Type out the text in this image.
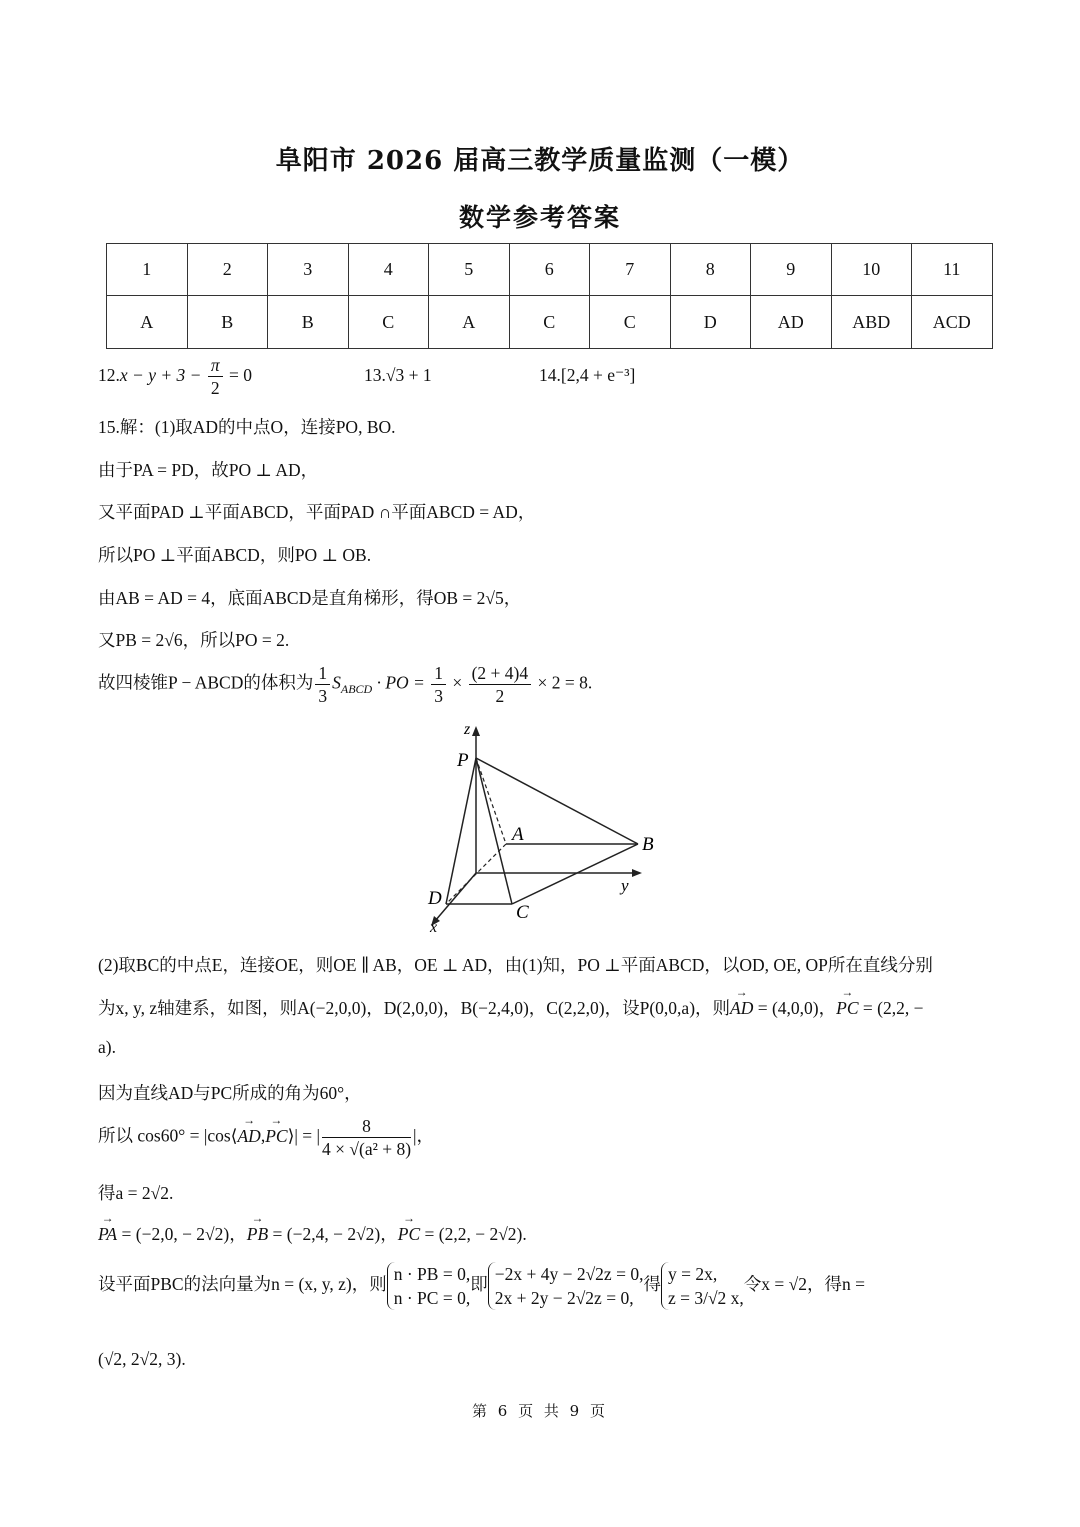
阜阳市 2026 届高三教学质量监测（一模）
数学参考答案
1	2	3	4	5	6	7	8	9	10	11
A	B	B	C	A	C	C	D	AD	ABD	ACD
$12.x - y + 3 - \frac{\pi}{2} = 0$	13.√3 + 1	14.[2,4 + e⁻³]
15.解：(1)取AD的中点O，连接PO, BO.
由于PA = PD，故PO ⊥ AD，
又平面PAD ⊥平面ABCD，平面PAD ∩平面ABCD = AD，
所以PO ⊥平面ABCD，则PO ⊥ OB.
由AB = AD = 4，底面ABCD是直角梯形，得OB = 2√5，
又PB = 2√6，所以PO = 2.
故四棱锥P − ABCD的体积为 $\frac{1}{3} S_{ABCD}$ · PO = $\frac{1}{3} \times \frac{(2 + 4)4}{2} \times 2 = 8$.
z
P
A	B
y
D
C
x
(2)取BC的中点E，连接OE，则OE ∥ AB，OE ⊥ AD，由(1)知，PO ⊥平面ABCD，以OD, OE, OP所在直线分别
为x, y, z轴建系，如图，则A(−2,0,0)，D(2,0,0)，B(−2,4,0)，C(2,2,0)，设P(0,0,a)，则→ AD = (4,0,0)，→ PC = (2,2, −
a).
因为直线AD与PC所成的角为60°，
所以 cos60° = |cos⟨→ AD,→ PC⟩| = | $\frac{8}{\text{4 × √(a² + 8)}}$ |，
得a = 2√2.
→ PA = (−2,0, − 2√2)，→ PB = (−2,4, − 2√2)，→ PC = (2,2, − 2√2).
设平面PBC的法向量为n = (x, y, z)，则
n · PB = 0,
n · PC = 0,
即
−2x + 4y − 2√2z = 0,
2x + 2y − 2√2z = 0,
得
y = 2x,
z = 3/√2 x,
令x = √2，得n =
(√2, 2√2, 3).
第 6 页 共 9 页
